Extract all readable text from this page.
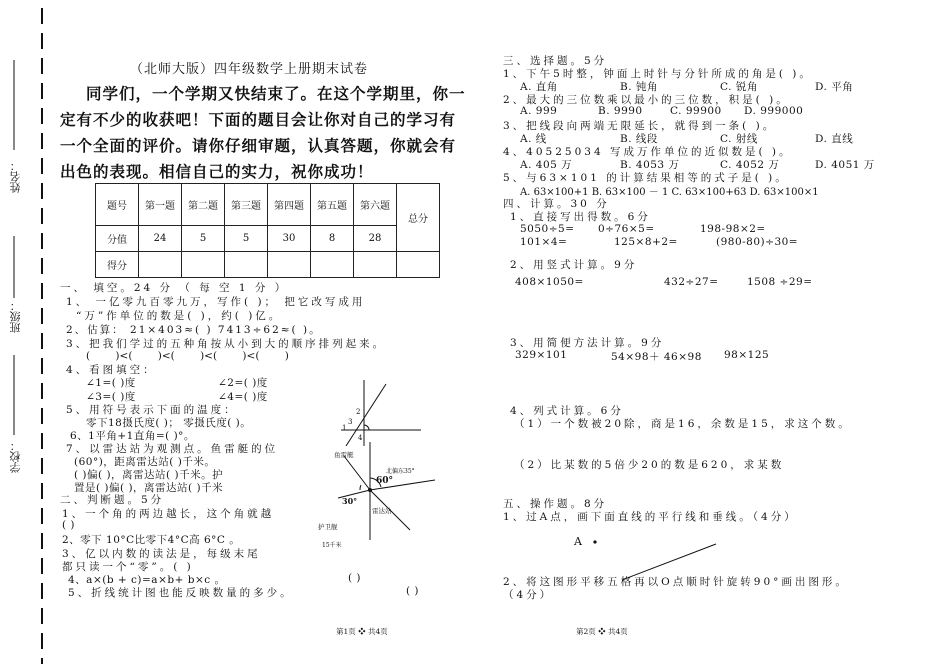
姓名：
班级：
学校：
（北师大版）四年级数学上册期末试卷
同学们，一个学期又快结束了。在这个学期里，你一
定有不少的收获吧！下面的题目会让你对自己的学习有
一个全面的评价。请你仔细审题，认真答题，你就会有
出色的表现。相信自己的实力，祝你成功！
题号	第一题	第二题	第三题	第四题	第五题	第六题	总分
分值	24	5	5	30	8	28	
得分							
一、 填空。24 分 （ 每 空 1 分 ）
1、 一亿零九百零九万，写作( )； 把它改写成用
“万”作单位的数是( )，约( )亿。
2、估算： 21×403≈( ) 7413÷62≈( )。
3、把我们学过的五种角按从小到大的顺序排列起来。
( )<( )<( )<( )<( )
4、看图填空：
∠1=( )度	∠2=( )度
∠3=( )度	∠4=( )度
5、用符号表示下面的温度：
零下18摄氏度( )； 零摄氏度( )。
6、1平角+1直角=( )°。
7、以雷达站为观测点。鱼雷艇的位
(60°)，距离雷达站( )千米。
( )偏( )，离雷达站( )千米。护
置是( )偏( )，离雷达站( )千米
二、判断题。5分
1、一个角的两边越长，这个角就越
( )
2、零下 10°C比零下4°C高 6°C 。
3、亿以内数的读法是，每级末尾
都只读一个“零”。( )
4、a×(b + c)=a×b+ b×c 。	( )
5、折线统计图也能反映数量的多少。	( )
2
3
1
4
雷达站
鱼雷艇
北偏东35°
60°
30°
护卫舰
15千米
第1页 ❖ 共4页
三、选择题。5分
1、下午5时整，钟面上时针与分针所成的角是( )。
A. 直角	B. 钝角	C. 锐角	D. 平角
2、最大的三位数乘以最小的三位数，积是( )。
A. 999	B. 9990	C. 99900 D. 999000
3、把线段向两端无限延长，就得到一条( )。
A. 线	B. 线段	C. 射线	D. 直线
4、40525034 写成万作单位的近似数是( )。
A. 405 万	B. 4053 万	C. 4052 万	D. 4051 万
5、与63×101 的计算结果相等的式子是( )。
A. 63×100+1 B. 63×100 － 1 C. 63×100+63 D. 63×100×1
四、计算。30 分
1、直接写出得数。6分
5050÷5= 0÷76×5=	198-98×2=
101×4=	125×8+2=	(980-80)÷30=
2、用竖式计算。9分
408×1050=	432÷27=	1508 ÷29=
3、用简便方法计算。9分
329×101	54×98＋ 46×98 98×125
4、列式计算。6分
（1）一个数被20除，商是16，余数是15，求这个数。
（2）比某数的5倍少20的数是620，求某数
五、操作题。8分
1、过A点，画下面直线的平行线和垂线。（4分）
A
2、将这图形平移五格再以O点顺时针旋转90°画出图形。
（4分）
第2页 ❖ 共4页
